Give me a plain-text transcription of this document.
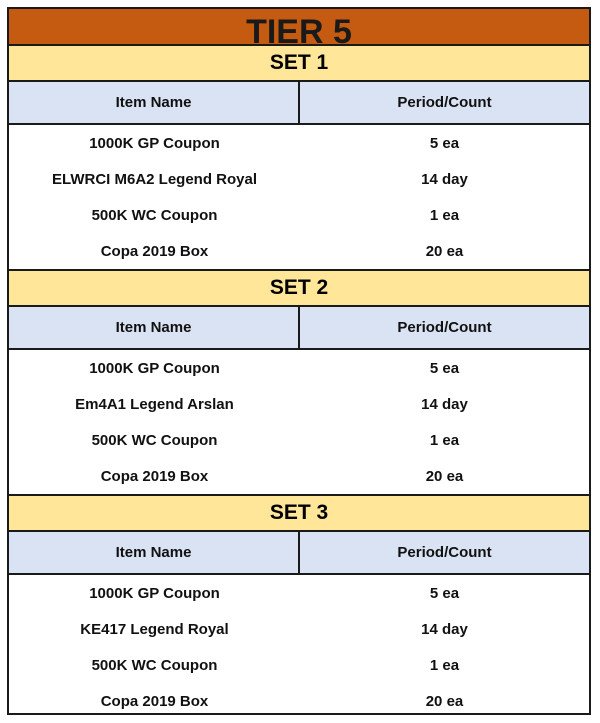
TIER 5
SET 1
Item Name	Period/Count
1000K GP Coupon	5 ea
ELWRCI M6A2 Legend Royal	14 day
500K WC Coupon	1 ea
Copa 2019 Box	20 ea
SET 2
Item Name	Period/Count
1000K GP Coupon	5 ea
Em4A1 Legend Arslan	14 day
500K WC Coupon	1 ea
Copa 2019 Box	20 ea
SET 3
Item Name	Period/Count
1000K GP Coupon	5 ea
KE417 Legend Royal	14 day
500K WC Coupon	1 ea
Copa 2019 Box	20 ea
